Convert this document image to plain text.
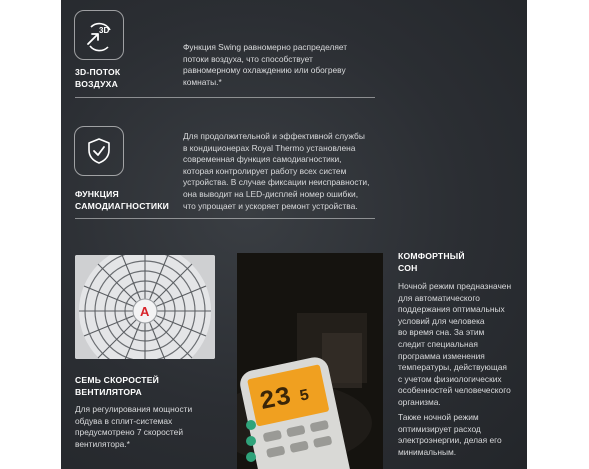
3D
3D-ПОТОК
ВОЗДУХА
Функция Swing равномерно распределяет
потоки воздуха, что способствует
равномерному охлаждению или обогреву
комнаты.*
ФУНКЦИЯ
САМОДИАГНОСТИКИ
Для продолжительной и эффективной службы
в кондиционерах Royal Thermo установлена
современная функция самодиагностики,
которая контролирует работу всех систем
устройства. В случае фиксации неисправности,
она выводит на LED-дисплей номер ошибки,
что упрощает и ускоряет ремонт устройства.
A
СЕМЬ СКОРОСТЕЙ
ВЕНТИЛЯТОРА
Для регулирования мощности
обдува в сплит-системах
предусмотрено 7 скоростей
вентилятора.*
23 5
КОМФОРТНЫЙ
СОН
Ночной режим предназначен
для автоматического
поддержания оптимальных
условий для человека
во время сна. За этим
следит специальная
программа изменения
температуры, действующая
с учетом физиологических
особенностей человеческого
организма.
Также ночной режим
оптимизирует расход
электроэнергии, делая его
минимальным.
